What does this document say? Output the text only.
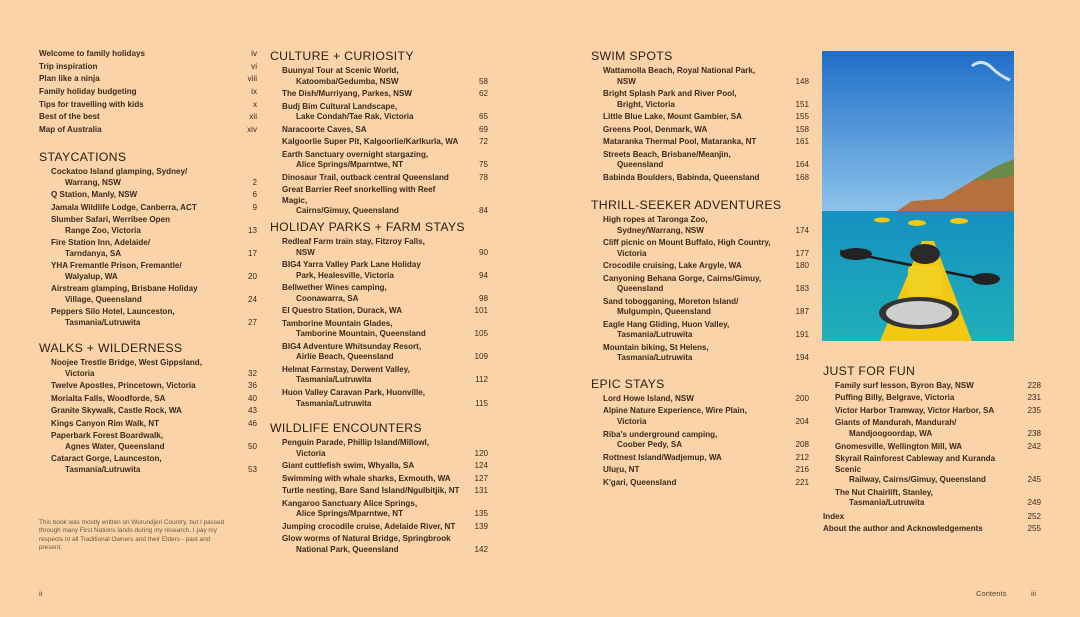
Welcome to family holidays	iv
Trip inspiration	vi
Plan like a ninja	viii
Family holiday budgeting	ix
Tips for travelling with kids	x
Best of the best	xii
Map of Australia	xiv
STAYCATIONS
Cockatoo Island glamping, Sydney/
Warrang, NSW	2
Q Station, Manly, NSW	6
Jamala Wildlife Lodge, Canberra, ACT	9
Slumber Safari, Werribee Open
Range Zoo, Victoria	13
Fire Station Inn, Adelaide/
Tarndanya, SA	17
YHA Fremantle Prison, Fremantle/
Walyalup, WA	20
Airstream glamping, Brisbane Holiday
Village, Queensland	24
Peppers Silo Hotel, Launceston,
Tasmania/Lutruwita	27
WALKS + WILDERNESS
Noojee Trestle Bridge, West Gippsland,
Victoria	32
Twelve Apostles, Princetown, Victoria	36
Morialta Falls, Woodforde, SA	40
Granite Skywalk, Castle Rock, WA	43
Kings Canyon Rim Walk, NT	46
Paperbark Forest Boardwalk,
Agnes Water, Queensland	50
Cataract Gorge, Launceston,
Tasmania/Lutruwita	53
This book was mostly written on Wurundjeri Country, but I passed through many First Nations lands during my research. I pay my respects to all Traditional Owners and their Elders - past and present.
ii
CULTURE + CURIOSITY
Buunyal Tour at Scenic World,
Katoomba/Gedumba, NSW	58
The Dish/Murriyang, Parkes, NSW	62
Budj Bim Cultural Landscape,
Lake Condah/Tae Rak, Victoria	65
Naracoorte Caves, SA	69
Kalgoorlie Super Pit, Kalgoorlie/Karlkurla, WA	72
Earth Sanctuary overnight stargazing,
Alice Springs/Mparntwe, NT	75
Dinosaur Trail, outback central Queensland	78
Great Barrier Reef snorkelling with Reef Magic,
Cairns/Gimuy, Queensland	84
HOLIDAY PARKS + FARM STAYS
Redleaf Farm train stay, Fitzroy Falls,
NSW	90
BIG4 Yarra Valley Park Lane Holiday
Park, Healesville, Victoria	94
Bellwether Wines camping,
Coonawarra, SA	98
El Questro Station, Durack, WA	101
Tamborine Mountain Glades,
Tamborine Mountain, Queensland	105
BIG4 Adventure Whitsunday Resort,
Airlie Beach, Queensland	109
Helmat Farmstay, Derwent Valley,
Tasmania/Lutruwita	112
Huon Valley Caravan Park, Huonville,
Tasmania/Lutruwita	115
WILDLIFE ENCOUNTERS
Penguin Parade, Phillip Island/Millowl,
Victoria	120
Giant cuttlefish swim, Whyalla, SA	124
Swimming with whale sharks, Exmouth, WA	127
Turtle nesting, Bare Sand Island/Ngulbitjik, NT	131
Kangaroo Sanctuary Alice Springs,
Alice Springs/Mparntwe, NT	135
Jumping crocodile cruise, Adelaide River, NT	139
Glow worms of Natural Bridge, Springbrook
National Park, Queensland	142
SWIM SPOTS
Wattamolla Beach, Royal National Park,
NSW	148
Bright Splash Park and River Pool,
Bright, Victoria	151
Little Blue Lake, Mount Gambier, SA	155
Greens Pool, Denmark, WA	158
Mataranka Thermal Pool, Mataranka, NT	161
Streets Beach, Brisbane/Meanjin,
Queensland	164
Babinda Boulders, Babinda, Queensland	168
THRILL-SEEKER ADVENTURES
High ropes at Taronga Zoo,
Sydney/Warrang, NSW	174
Cliff picnic on Mount Buffalo, High Country,
Victoria	177
Crocodile cruising, Lake Argyle, WA	180
Canyoning Behana Gorge, Cairns/Gimuy,
Queensland	183
Sand tobogganing, Moreton Island/
Mulgumpin, Queensland	187
Eagle Hang Gliding, Huon Valley,
Tasmania/Lutruwita	191
Mountain biking, St Helens,
Tasmania/Lutruwita	194
EPIC STAYS
Lord Howe Island, NSW	200
Alpine Nature Experience, Wire Plain,
Victoria	204
Riba's underground camping,
Coober Pedy, SA	208
Rottnest Island/Wadjemup, WA	212
Uluṟu, NT	216
K'gari, Queensland	221
JUST FOR FUN
Family surf lesson, Byron Bay, NSW	228
Puffing Billy, Belgrave, Victoria	231
Victor Harbor Tramway, Victor Harbor, SA	235
Giants of Mandurah, Mandurah/
Mandjoogoordap, WA	238
Gnomesville, Wellington Mill, WA	242
Skyrail Rainforest Cableway and Kuranda Scenic
Railway, Cairns/Gimuy, Queensland	245
The Nut Chairlift, Stanley,
Tasmania/Lutruwita	249
Index	252
About the author and Acknowledgements	255
Contents	iii
